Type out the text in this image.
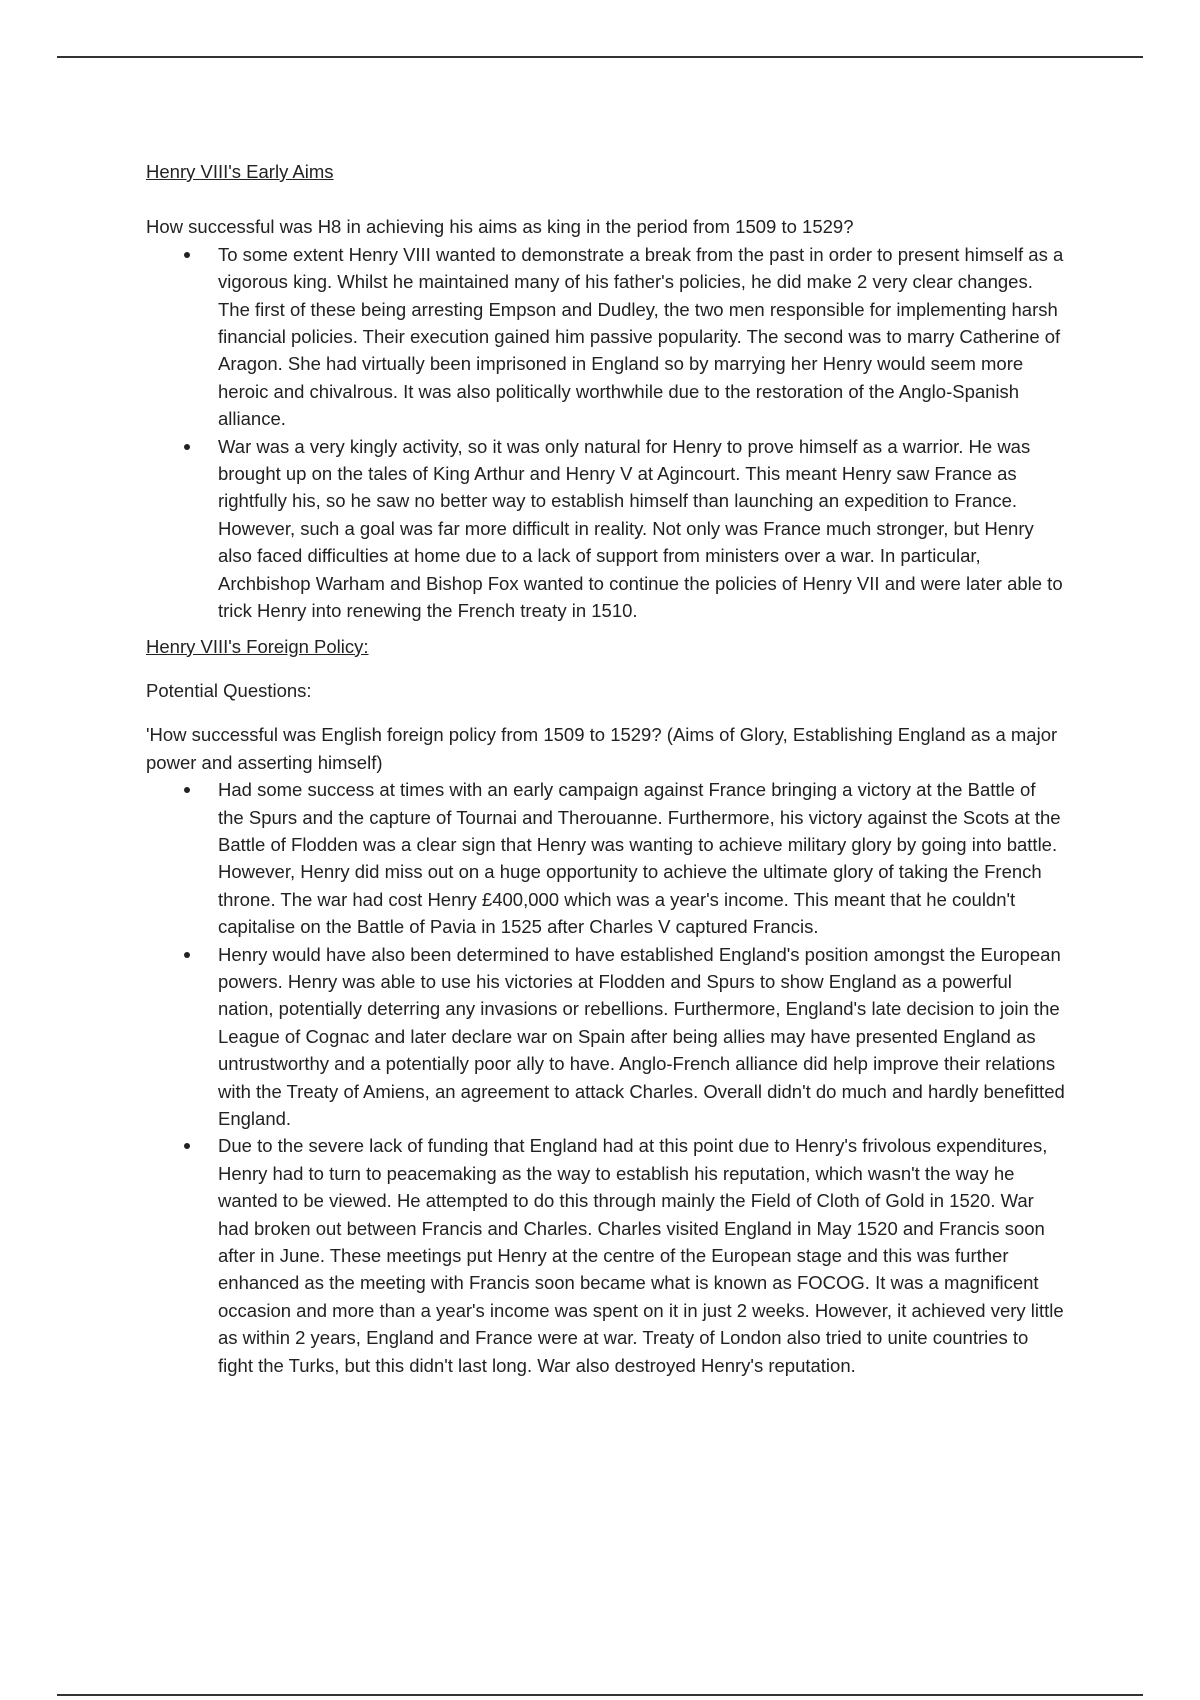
Henry VIII's Early Aims

How successful was H8 in achieving his aims as king in the period from 1509 to 1529?

To some extent Henry VIII wanted to demonstrate a break from the past in order to present himself as a vigorous king. Whilst he maintained many of his father's policies, he did make 2 very clear changes. The first of these being arresting Empson and Dudley, the two men responsible for implementing harsh financial policies. Their execution gained him passive popularity. The second was to marry Catherine of Aragon. She had virtually been imprisoned in England so by marrying her Henry would seem more heroic and chivalrous. It was also politically worthwhile due to the restoration of the Anglo-Spanish alliance.
War was a very kingly activity, so it was only natural for Henry to prove himself as a warrior. He was brought up on the tales of King Arthur and Henry V at Agincourt. This meant Henry saw France as rightfully his, so he saw no better way to establish himself than launching an expedition to France. However, such a goal was far more difficult in reality. Not only was France much stronger, but Henry also faced difficulties at home due to a lack of support from ministers over a war. In particular, Archbishop Warham and Bishop Fox wanted to continue the policies of Henry VII and were later able to trick Henry into renewing the French treaty in 1510.
Henry VIII's Foreign Policy:

Potential Questions:

'How successful was English foreign policy from 1509 to 1529? (Aims of Glory, Establishing England as a major power and asserting himself)

Had some success at times with an early campaign against France bringing a victory at the Battle of the Spurs and the capture of Tournai and Therouanne. Furthermore, his victory against the Scots at the Battle of Flodden was a clear sign that Henry was wanting to achieve military glory by going into battle. However, Henry did miss out on a huge opportunity to achieve the ultimate glory of taking the French throne. The war had cost Henry £400,000 which was a year's income. This meant that he couldn't capitalise on the Battle of Pavia in 1525 after Charles V captured Francis.
Henry would have also been determined to have established England's position amongst the European powers. Henry was able to use his victories at Flodden and Spurs to show England as a powerful nation, potentially deterring any invasions or rebellions. Furthermore, England's late decision to join the League of Cognac and later declare war on Spain after being allies may have presented England as untrustworthy and a potentially poor ally to have. Anglo-French alliance did help improve their relations with the Treaty of Amiens, an agreement to attack Charles. Overall didn't do much and hardly benefitted England.
Due to the severe lack of funding that England had at this point due to Henry's frivolous expenditures, Henry had to turn to peacemaking as the way to establish his reputation, which wasn't the way he wanted to be viewed. He attempted to do this through mainly the Field of Cloth of Gold in 1520. War had broken out between Francis and Charles. Charles visited England in May 1520 and Francis soon after in June. These meetings put Henry at the centre of the European stage and this was further enhanced as the meeting with Francis soon became what is known as FOCOG. It was a magnificent occasion and more than a year's income was spent on it in just 2 weeks. However, it achieved very little as within 2 years, England and France were at war. Treaty of London also tried to unite countries to fight the Turks, but this didn't last long. War also destroyed Henry's reputation.
